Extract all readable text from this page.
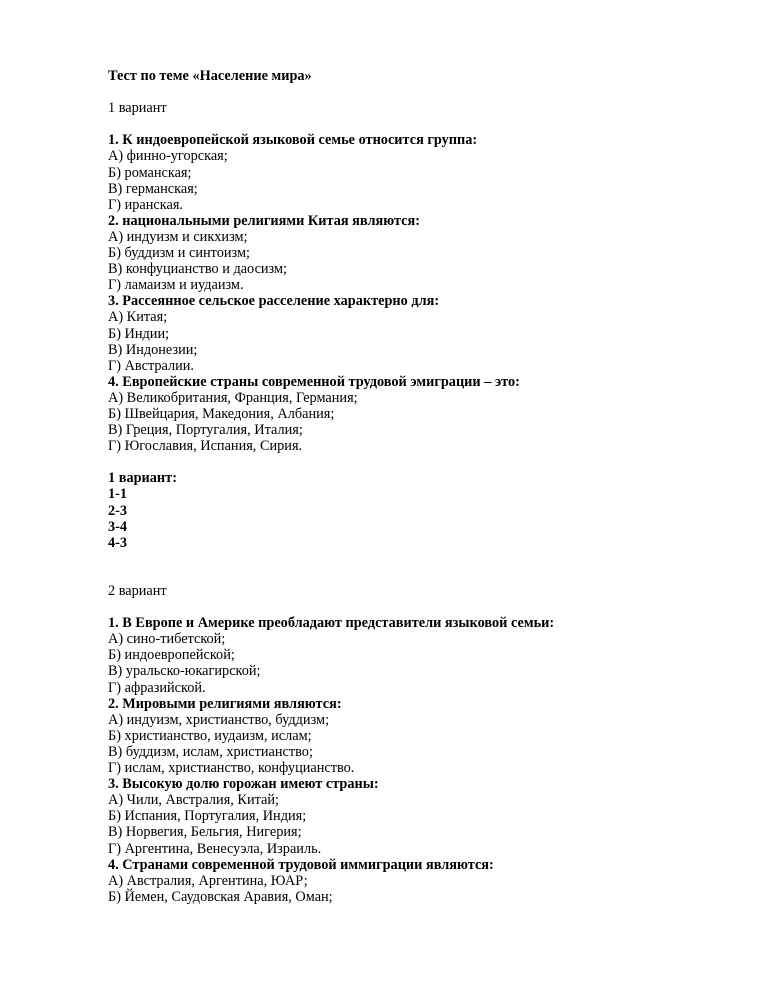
Тест по теме «Население мира»
1 вариант
1. К индоевропейской языковой семье относится группа:
А) финно-угорская;
Б) романская;
В) германская;
Г) иранская.
2. национальными религиями Китая являются:
А) индуизм и сикхизм;
Б) буддизм и синтоизм;
В) конфуцианство и даосизм;
Г) ламаизм и иудаизм.
3. Рассеянное сельское расселение характерно для:
А) Китая;
Б) Индии;
В) Индонезии;
Г) Австралии.
4. Европейские страны современной трудовой эмиграции – это:
А) Великобритания, Франция, Германия;
Б) Швейцария, Македония, Албания;
В) Греция, Португалия, Италия;
Г) Югославия, Испания, Сирия.
1 вариант:
1-1
2-3
3-4
4-3
2 вариант
1. В Европе и Америке преобладают представители языковой семьи:
А) сино-тибетской;
Б) индоевропейской;
В) уральско-юкагирской;
Г) афразийской.
2. Мировыми религиями являются:
А) индуизм, христианство, буддизм;
Б) христианство, иудаизм, ислам;
В) буддизм, ислам, христианство;
Г) ислам, христианство, конфуцианство.
3. Высокую долю горожан имеют страны:
А) Чили, Австралия, Китай;
Б) Испания, Португалия, Индия;
В) Норвегия, Бельгия, Нигерия;
Г) Аргентина, Венесуэла, Израиль.
4. Странами современной трудовой иммиграции являются:
А) Австралия, Аргентина, ЮАР;
Б) Йемен, Саудовская Аравия, Оман;
